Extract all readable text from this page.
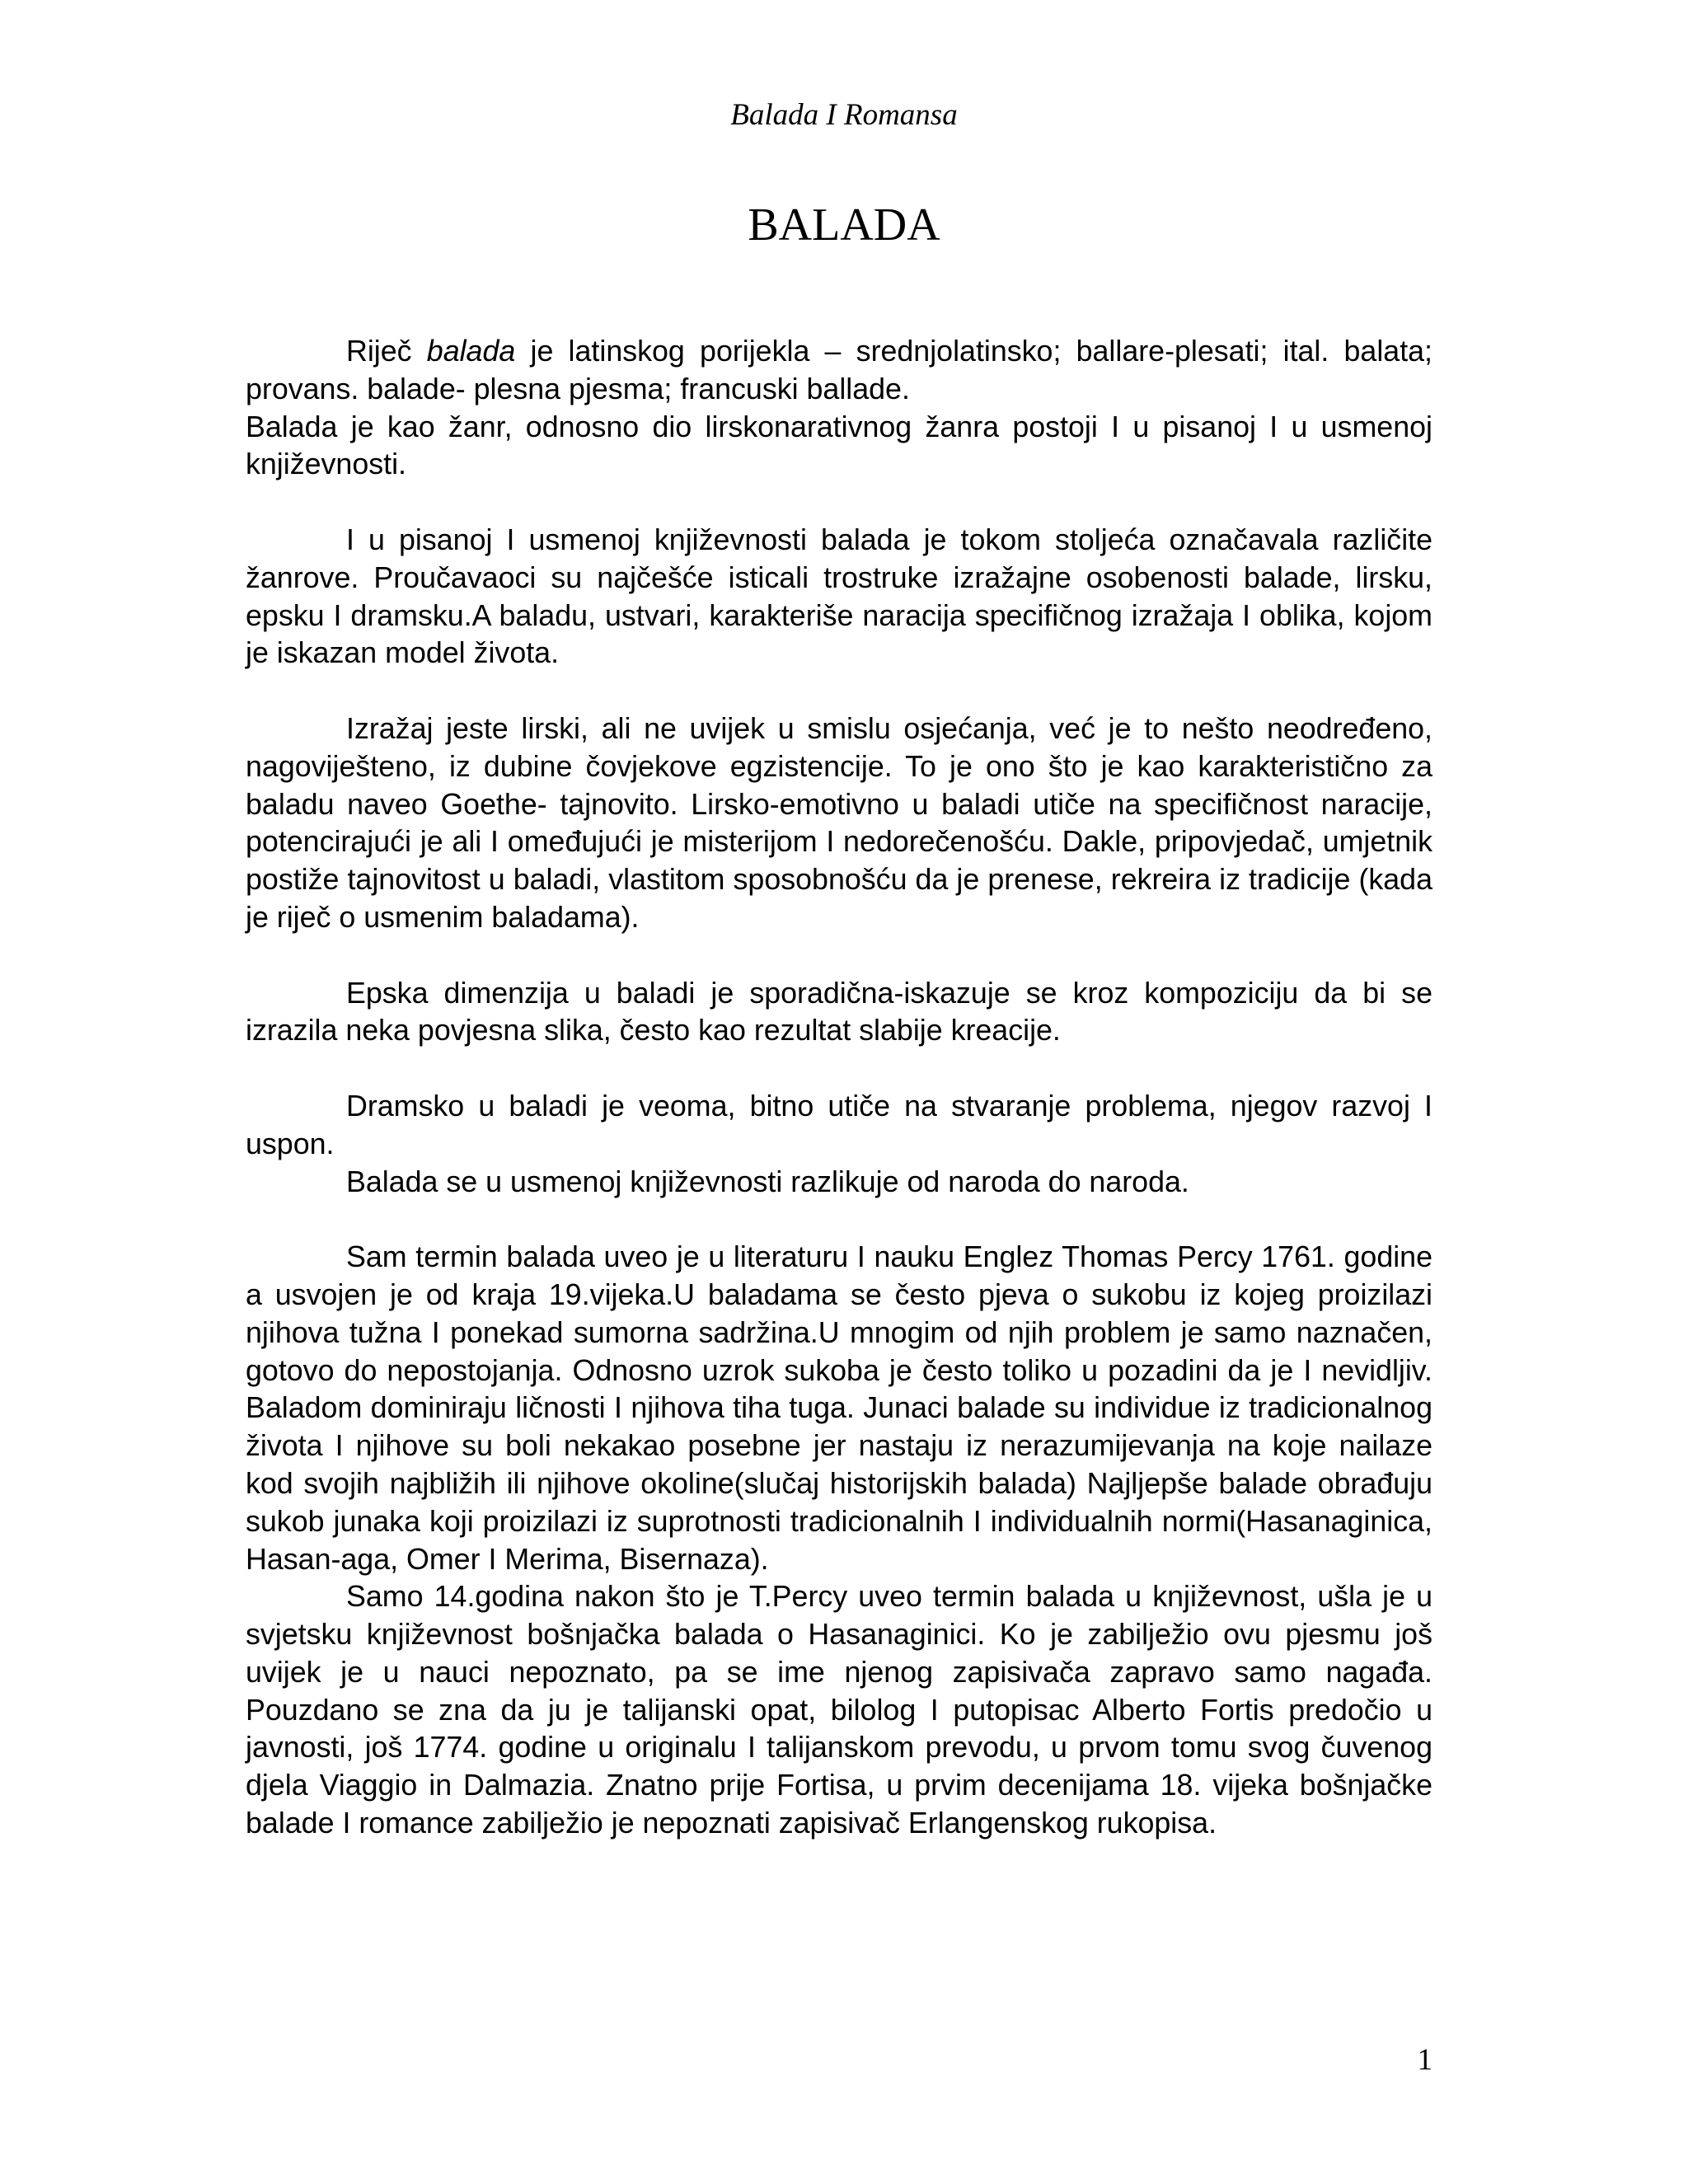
Balada I Romansa
BALADA

Riječ balada je latinskog porijekla – srednjolatinsko; ballare-plesati; ital. balata; provans. balade- plesna pjesma; francuski ballade.

Balada je kao žanr, odnosno dio lirskonarativnog žanra postoji I u pisanoj I u usmenoj književnosti.

I u pisanoj I usmenoj književnosti balada je tokom stoljeća označavala različite žanrove. Proučavaoci su najčešće isticali trostruke izražajne osobenosti balade, lirsku, epsku I dramsku.A baladu, ustvari, karakteriše naracija specifičnog izražaja I oblika, kojom je iskazan model života.

Izražaj jeste lirski, ali ne uvijek u smislu osjećanja, već je to nešto neodređeno, nagoviješteno, iz dubine čovjekove egzistencije. To je ono što je kao karakteristično za baladu naveo Goethe- tajnovito. Lirsko-emotivno u baladi utiče na specifičnost naracije, potencirajući je ali I omeđujući je misterijom I nedorečenošću. Dakle, pripovjedač, umjetnik postiže tajnovitost u baladi, vlastitom sposobnošću da je prenese, rekreira iz tradicije (kada je riječ o usmenim baladama).

Epska dimenzija u baladi je sporadična-iskazuje se kroz kompoziciju da bi se izrazila neka povjesna slika, često kao rezultat slabije kreacije.

Dramsko u baladi je veoma, bitno utiče na stvaranje problema, njegov razvoj I uspon.

Balada se u usmenoj književnosti razlikuje od naroda do naroda.

Sam termin balada uveo je u literaturu I nauku Englez Thomas Percy 1761. godine a usvojen je od kraja 19.vijeka.U baladama se često pjeva o sukobu iz kojeg proizilazi njihova tužna I ponekad sumorna sadržina.U mnogim od njih problem je samo naznačen, gotovo do nepostojanja. Odnosno uzrok sukoba je često toliko u pozadini da je I nevidljiv. Baladom dominiraju ličnosti I njihova tiha tuga. Junaci balade su individue iz tradicionalnog života I njihove su boli nekakao posebne jer nastaju iz nerazumijevanja na koje nailaze kod svojih najbližih ili njihove okoline(slučaj historijskih balada) Najljepše balade obrađuju sukob junaka koji proizilazi iz suprotnosti tradicionalnih I individualnih normi(Hasanaginica, Hasan-aga, Omer I Merima, Bisernaza).

Samo 14.godina nakon što je T.Percy uveo termin balada u književnost, ušla je u svjetsku književnost bošnjačka balada o Hasanaginici. Ko je zabilježio ovu pjesmu još uvijek je u nauci nepoznato, pa se ime njenog zapisivača zapravo samo nagađa. Pouzdano se zna da ju je talijanski opat, bilolog I putopisac Alberto Fortis predočio u javnosti, još 1774. godine u originalu I talijanskom prevodu, u prvom tomu svog čuvenog djela Viaggio in Dalmazia. Znatno prije Fortisa, u prvim decenijama 18. vijeka bošnjačke balade I romance zabilježio je nepoznati zapisivač Erlangenskog rukopisa.

1
